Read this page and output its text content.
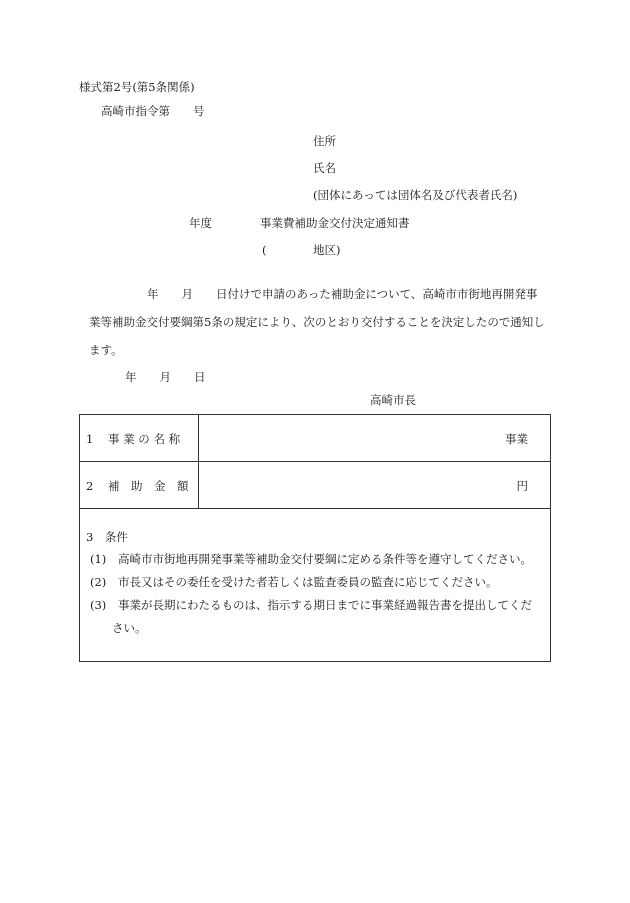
様式第2号(第5条関係)
高崎市指令第　　号
住所
氏名
(団体にあっては団体名及び代表者氏名)
年度	事業費補助金交付決定通知書
(	地区)
年　　月　　日付けで申請のあった補助金について、高崎市市街地再開発事
業等補助金交付要綱第5条の規定により、次のとおり交付することを決定したので通知し
ます。
年　　月　　日
高崎市長
1 事 業 の 名 称	事業
2 補　助　金　額	円
3　条件
(1)	高崎市市街地再開発事業等補助金交付要綱に定める条件等を遵守してください。
(2)	市長又はその委任を受けた者若しくは監査委員の監査に応じてください。
(3)	事業が長期にわたるものは、指示する期日までに事業経過報告書を提出してくだ
さい。
